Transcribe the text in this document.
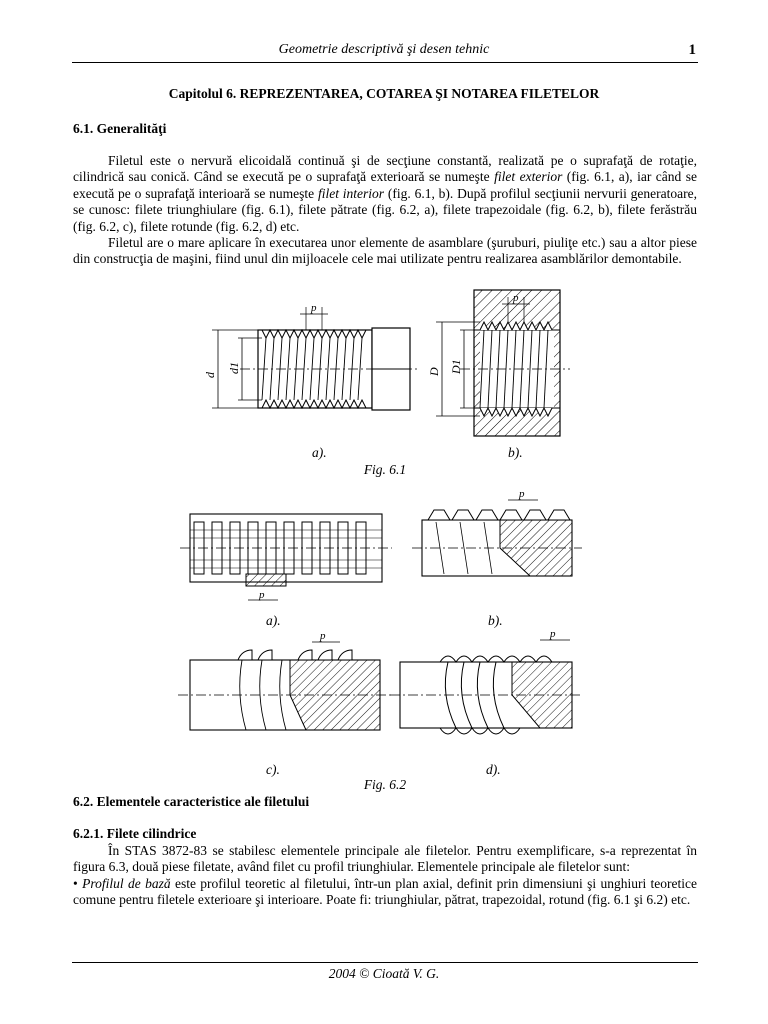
Geometrie descriptivă şi desen tehnic	1
Capitolul 6. REPREZENTAREA, COTAREA ŞI NOTAREA FILETELOR
6.1. Generalităţi

Filetul este o nervură elicoidală continuă şi de secţiune constantă, realizată pe o suprafaţă de rotaţie, cilindrică sau conică. Când se execută pe o suprafaţă exterioară se numeşte filet exterior (fig. 6.1, a), iar când se execută pe o suprafaţă interioară se numeşte filet interior (fig. 6.1, b). După profilul secţiunii nervurii generatoare, se cunosc: filete triunghiulare (fig. 6.1), filete pătrate (fig. 6.2, a), filete trapezoidale (fig. 6.2, b), filete ferăstrău (fig. 6.2, c), filete rotunde (fig. 6.2, d) etc.

Filetul are o mare aplicare în executarea unor elemente de asamblare (şuruburi, piuliţe etc.) sau a altor piese din construcţia de maşini, fiind unul din mijloacele cele mai utilizate pentru realizarea asamblărilor demontabile.

p
d
d1
p
D D1
a).	b).
Fig. 6.1
p
p
p	p
a).	b).
c).	d).
Fig. 6.2
6.2. Elementele caracteristice ale filetului
6.2.1. Filete cilindrice

În STAS 3872-83 se stabilesc elementele principale ale filetelor. Pentru exemplificare, s-a reprezentat în figura 6.3, două piese filetate, având filet cu profil triunghiular. Elementele principale ale filetelor sunt:

• Profilul de bază este profilul teoretic al filetului, într-un plan axial, definit prin dimensiuni şi unghiuri teoretice comune pentru filetele exterioare şi interioare. Poate fi: triunghiular, pătrat, trapezoidal, rotund (fig. 6.1 şi 6.2) etc.

2004 © Cioată V. G.
